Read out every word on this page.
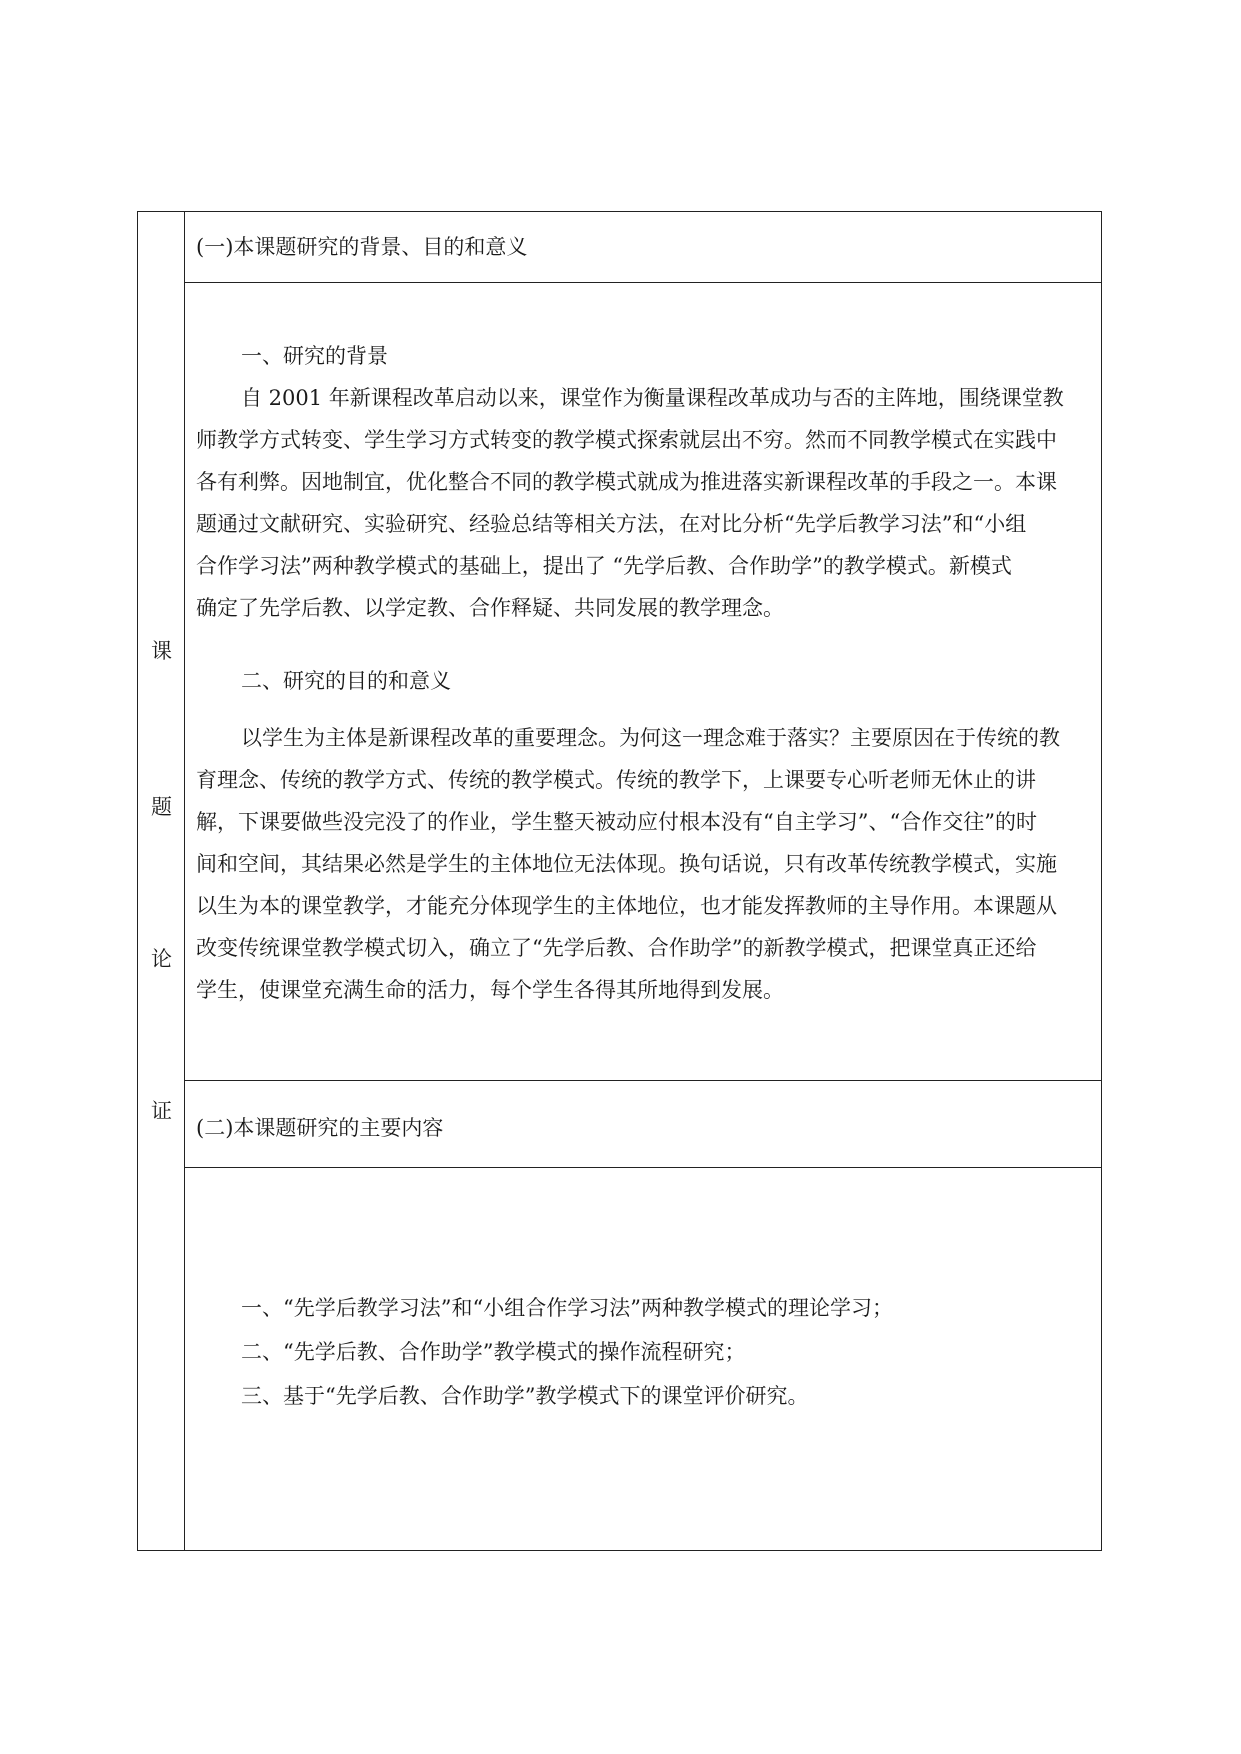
课
题
论
证
(一)本课题研究的背景、目的和意义
一、研究的背景
自 2001 年新课程改革启动以来，课堂作为衡量课程改革成功与否的主阵地，围绕课堂教
师教学方式转变、学生学习方式转变的教学模式探索就层出不穷。然而不同教学模式在实践中
各有利弊。因地制宜，优化整合不同的教学模式就成为推进落实新课程改革的手段之一。本课
题通过文献研究、实验研究、经验总结等相关方法，在对比分析“先学后教学习法”和“小组
合作学习法”两种教学模式的基础上，提出了 “先学后教、合作助学”的教学模式。新模式
确定了先学后教、以学定教、合作释疑、共同发展的教学理念。
二、研究的目的和意义
以学生为主体是新课程改革的重要理念。为何这一理念难于落实？主要原因在于传统的教
育理念、传统的教学方式、传统的教学模式。传统的教学下，上课要专心听老师无休止的讲
解，下课要做些没完没了的作业，学生整天被动应付根本没有“自主学习”、“合作交往”的时
间和空间，其结果必然是学生的主体地位无法体现。换句话说，只有改革传统教学模式，实施
以生为本的课堂教学，才能充分体现学生的主体地位，也才能发挥教师的主导作用。本课题从
改变传统课堂教学模式切入，确立了“先学后教、合作助学”的新教学模式，把课堂真正还给
学生，使课堂充满生命的活力，每个学生各得其所地得到发展。
(二)本课题研究的主要内容
一、“先学后教学习法”和“小组合作学习法”两种教学模式的理论学习；
二、“先学后教、合作助学”教学模式的操作流程研究；
三、基于“先学后教、合作助学”教学模式下的课堂评价研究。
